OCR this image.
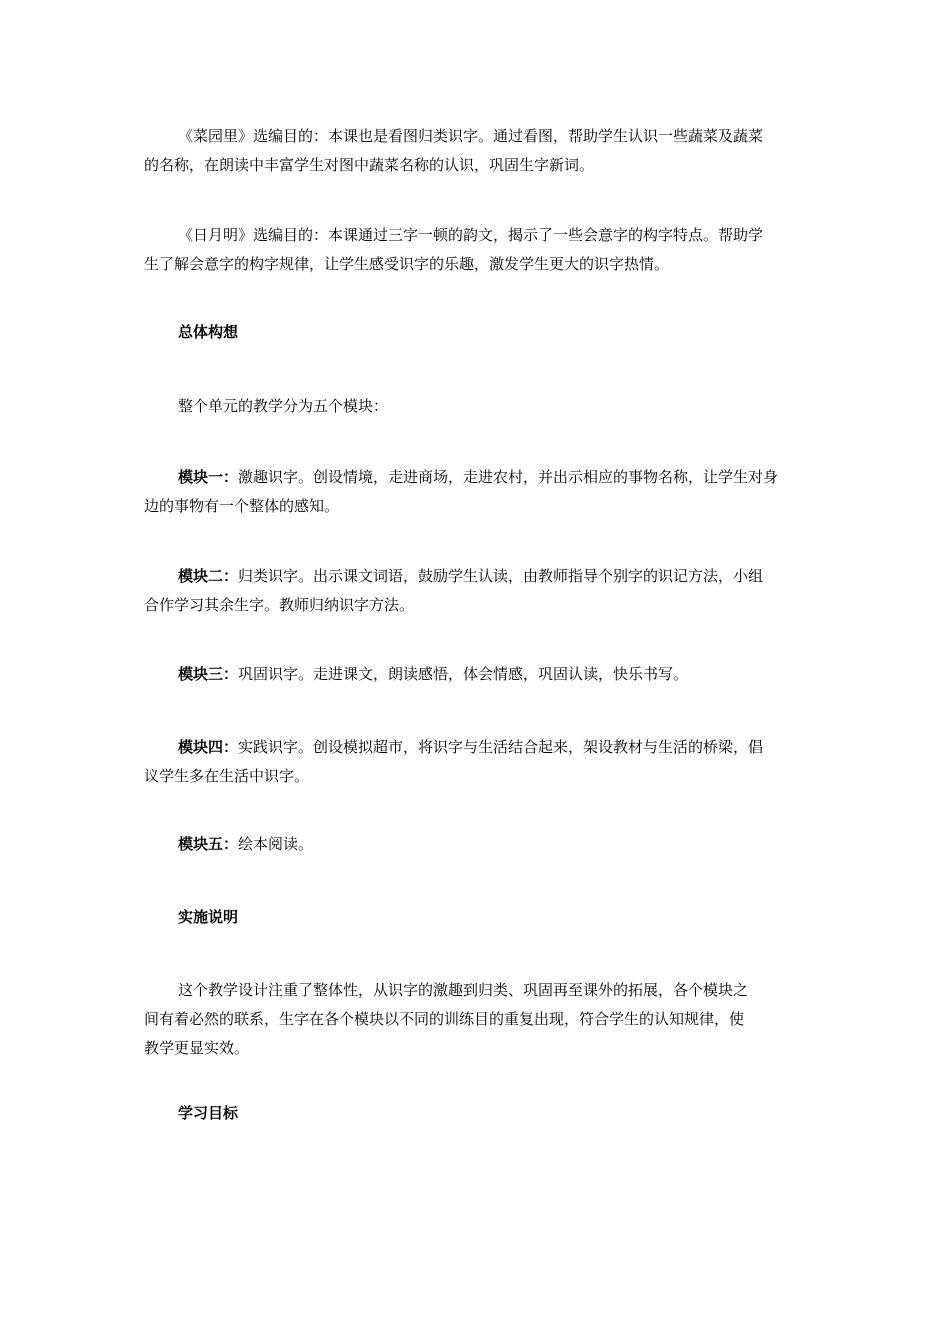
《菜园里》选编目的：本课也是看图归类识字。通过看图，帮助学生认识一些蔬菜及蔬菜
的名称，在朗读中丰富学生对图中蔬菜名称的认识，巩固生字新词。
《日月明》选编目的：本课通过三字一顿的韵文，揭示了一些会意字的构字特点。帮助学
生了解会意字的构字规律，让学生感受识字的乐趣，激发学生更大的识字热情。
总体构想
整个单元的教学分为五个模块：
模块一：激趣识字。创设情境，走进商场，走进农村，并出示相应的事物名称，让学生对身
边的事物有一个整体的感知。
模块二：归类识字。出示课文词语，鼓励学生认读，由教师指导个别字的识记方法，小组
合作学习其余生字。教师归纳识字方法。
模块三：巩固识字。走进课文，朗读感悟，体会情感，巩固认读，快乐书写。
模块四：实践识字。创设模拟超市，将识字与生活结合起来，架设教材与生活的桥梁，倡
议学生多在生活中识字。
模块五：绘本阅读。
实施说明
这个教学设计注重了整体性，从识字的激趣到归类、巩固再至课外的拓展，各个模块之
间有着必然的联系，生字在各个模块以不同的训练目的重复出现，符合学生的认知规律，使
教学更显实效。
学习目标
